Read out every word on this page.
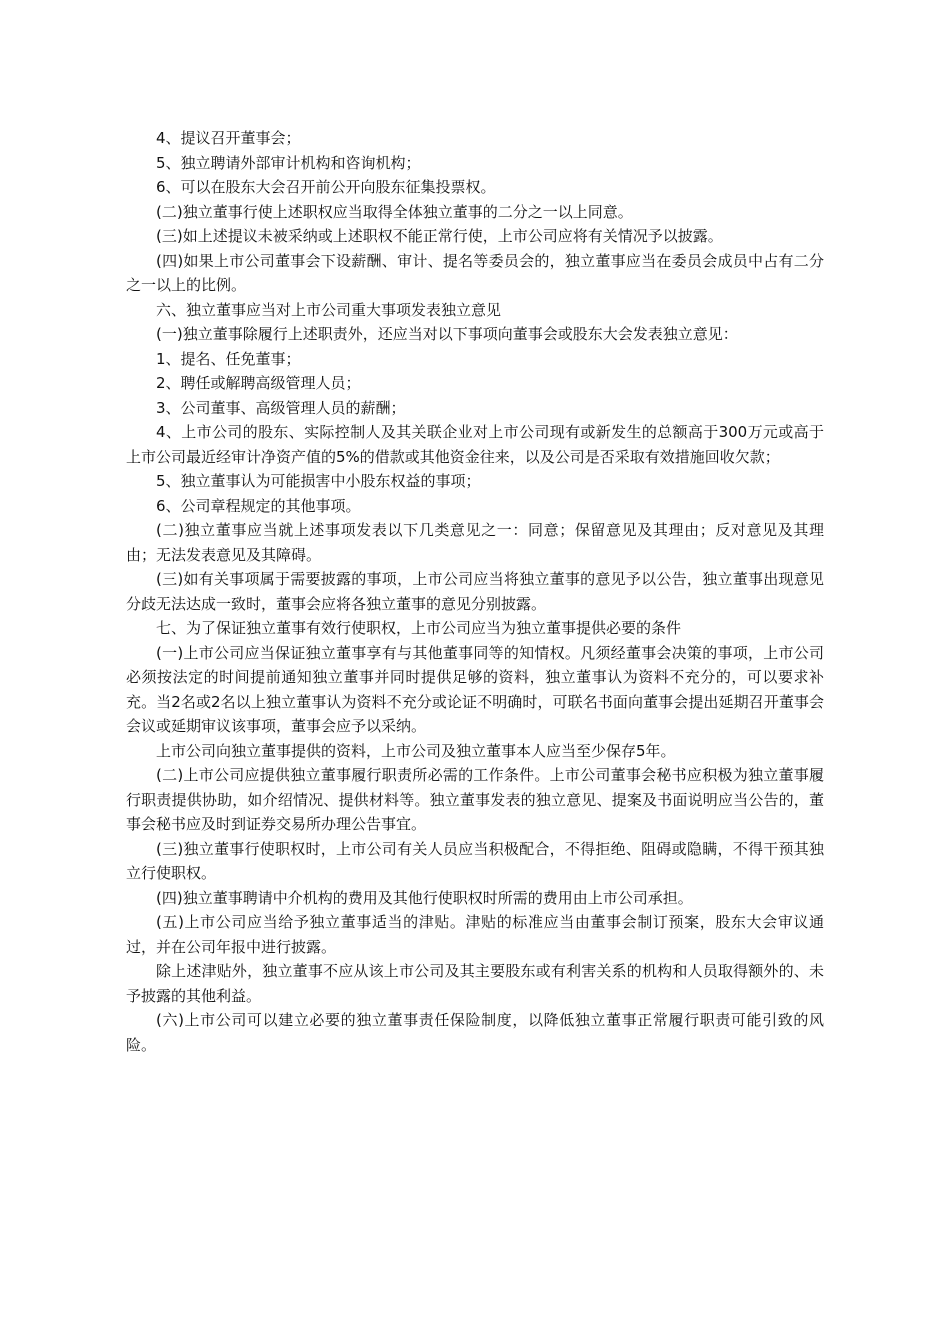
4、提议召开董事会；

5、独立聘请外部审计机构和咨询机构；

6、可以在股东大会召开前公开向股东征集投票权。

(二)独立董事行使上述职权应当取得全体独立董事的二分之一以上同意。

(三)如上述提议未被采纳或上述职权不能正常行使，上市公司应将有关情况予以披露。

(四)如果上市公司董事会下设薪酬、审计、提名等委员会的，独立董事应当在委员会成员中占有二分之一以上的比例。

六、独立董事应当对上市公司重大事项发表独立意见

(一)独立董事除履行上述职责外，还应当对以下事项向董事会或股东大会发表独立意见：

1、提名、任免董事；

2、聘任或解聘高级管理人员；

3、公司董事、高级管理人员的薪酬；

4、上市公司的股东、实际控制人及其关联企业对上市公司现有或新发生的总额高于300万元或高于上市公司最近经审计净资产值的5%的借款或其他资金往来，以及公司是否采取有效措施回收欠款；

5、独立董事认为可能损害中小股东权益的事项；

6、公司章程规定的其他事项。

(二)独立董事应当就上述事项发表以下几类意见之一：同意；保留意见及其理由；反对意见及其理由；无法发表意见及其障碍。

(三)如有关事项属于需要披露的事项，上市公司应当将独立董事的意见予以公告，独立董事出现意见分歧无法达成一致时，董事会应将各独立董事的意见分别披露。

七、为了保证独立董事有效行使职权，上市公司应当为独立董事提供必要的条件

(一)上市公司应当保证独立董事享有与其他董事同等的知情权。凡须经董事会决策的事项，上市公司必须按法定的时间提前通知独立董事并同时提供足够的资料，独立董事认为资料不充分的，可以要求补充。当2名或2名以上独立董事认为资料不充分或论证不明确时，可联名书面向董事会提出延期召开董事会会议或延期审议该事项，董事会应予以采纳。

上市公司向独立董事提供的资料，上市公司及独立董事本人应当至少保存5年。

(二)上市公司应提供独立董事履行职责所必需的工作条件。上市公司董事会秘书应积极为独立董事履行职责提供协助，如介绍情况、提供材料等。独立董事发表的独立意见、提案及书面说明应当公告的，董事会秘书应及时到证券交易所办理公告事宜。

(三)独立董事行使职权时，上市公司有关人员应当积极配合，不得拒绝、阻碍或隐瞒，不得干预其独立行使职权。

(四)独立董事聘请中介机构的费用及其他行使职权时所需的费用由上市公司承担。

(五)上市公司应当给予独立董事适当的津贴。津贴的标准应当由董事会制订预案，股东大会审议通过，并在公司年报中进行披露。

除上述津贴外，独立董事不应从该上市公司及其主要股东或有利害关系的机构和人员取得额外的、未予披露的其他利益。

(六)上市公司可以建立必要的独立董事责任保险制度，以降低独立董事正常履行职责可能引致的风险。
